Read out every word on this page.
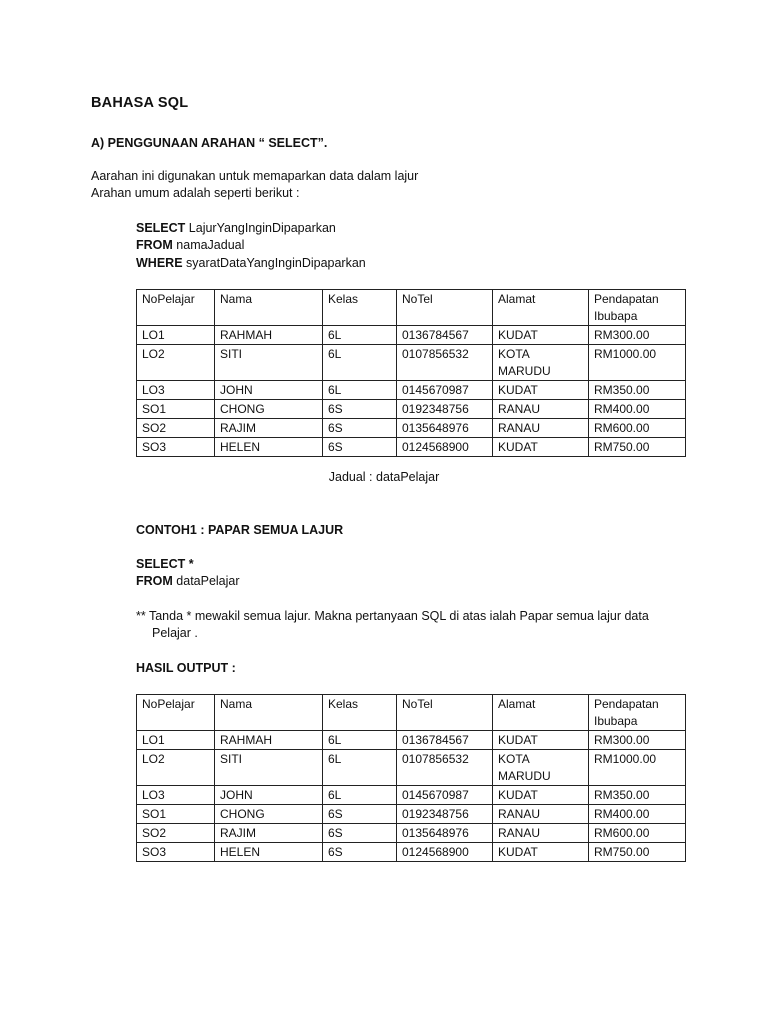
BAHASA SQL
A) PENGGUNAAN ARAHAN “ SELECT”.
Aarahan ini digunakan untuk memaparkan data dalam lajur
Arahan umum adalah seperti berikut :
SELECT LajurYangInginDipaparkan
FROM namaJadual
WHERE syaratDataYangInginDipaparkan
NoPelajar	Nama	Kelas	NoTel	Alamat	Pendapatan Ibubapa
LO1	RAHMAH	6L	0136784567	KUDAT	RM300.00
LO2	SITI	6L	0107856532	KOTA MARUDU	RM1000.00
LO3	JOHN	6L	0145670987	KUDAT	RM350.00
SO1	CHONG	6S	0192348756	RANAU	RM400.00
SO2	RAJIM	6S	0135648976	RANAU	RM600.00
SO3	HELEN	6S	0124568900	KUDAT	RM750.00
Jadual : dataPelajar
CONTOH1 : PAPAR SEMUA LAJUR
SELECT *
FROM dataPelajar
** Tanda * mewakil semua lajur. Makna pertanyaan SQL di atas ialah Papar semua lajur data
Pelajar .
HASIL OUTPUT :
NoPelajar	Nama	Kelas	NoTel	Alamat	Pendapatan Ibubapa
LO1	RAHMAH	6L	0136784567	KUDAT	RM300.00
LO2	SITI	6L	0107856532	KOTA MARUDU	RM1000.00
LO3	JOHN	6L	0145670987	KUDAT	RM350.00
SO1	CHONG	6S	0192348756	RANAU	RM400.00
SO2	RAJIM	6S	0135648976	RANAU	RM600.00
SO3	HELEN	6S	0124568900	KUDAT	RM750.00
